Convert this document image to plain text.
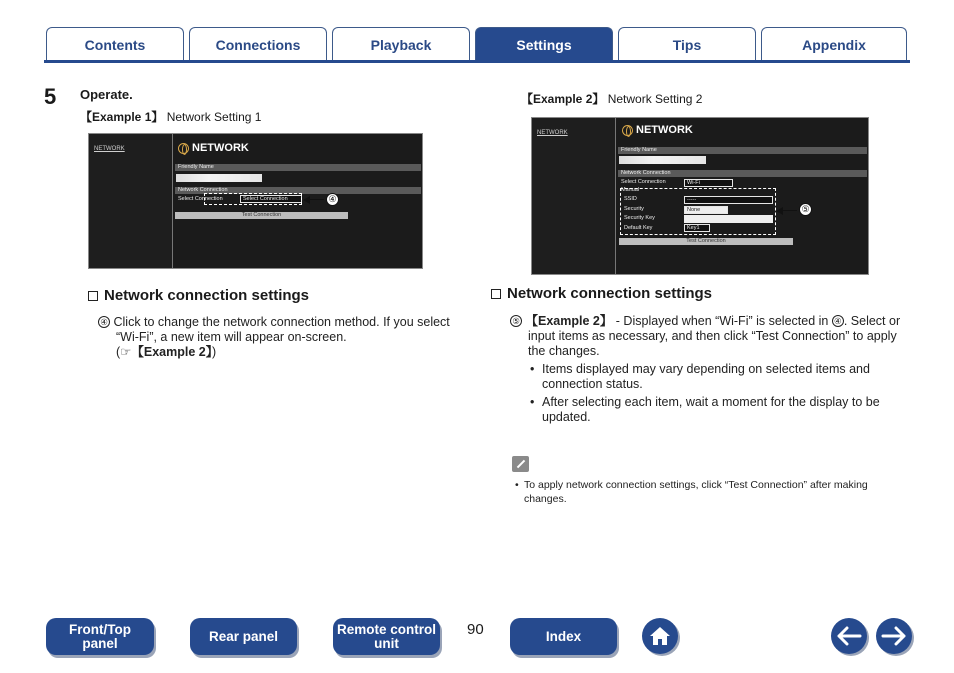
Contents	Connections	Playback	Settings	Tips	Appendix
5 Operate.
【Example 1】 Network Setting 1
NETWORK	NETWORK
Friendly Name
Network Connection
Select Connection	Select Connection
Test Connection
④
【Example 2】 Network Setting 2
NETWORK	NETWORK
Friendly Name
Network Connection
Select Connection	Wi-Fi
Manual
SSID	-----
Security	None
Security Key
Default Key	Key1
Test Connection
⑤
Network connection settings
④ Click to change the network connection method. If you select
“Wi-Fi”, a new item will appear on-screen.
(☞【Example 2】)
Network connection settings
⑤ 【Example 2】 - Displayed when “Wi-Fi” is selected in ④ . Select or
input items as necessary, and then click “Test Connection” to apply
the changes.
• Items displayed may vary depending on selected items and
connection status.
• After selecting each item, wait a moment for the display to be
updated.
• To apply network connection settings, click “Test Connection” after making
changes.
Front/Top
panel	Rear panel	Remote control
unit
90	Index
